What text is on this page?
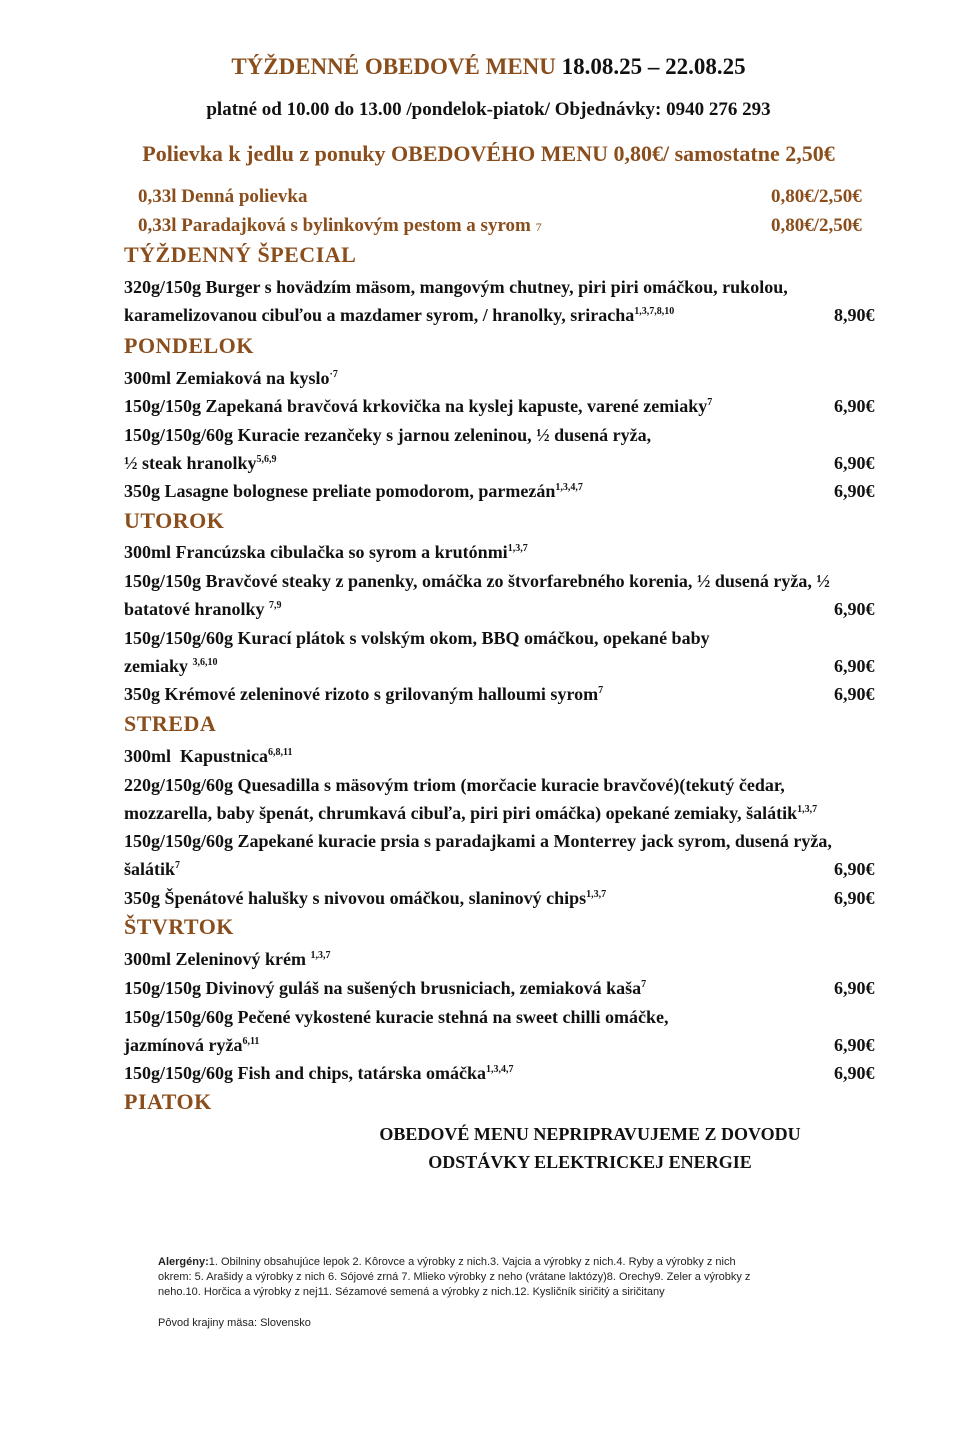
TÝŽDENNÉ OBEDOVÉ MENU 18.08.25 – 22.08.25
platné od 10.00 do 13.00 /pondelok-piatok/ Objednávky: 0940 276 293
Polievka k jedlu z ponuky OBEDOVÉHO MENU 0,80€/ samostatne 2,50€
0,33l Denná polievka	0,80€/2,50€
0,33l Paradajková s bylinkovým pestom a syrom 7	0,80€/2,50€
TÝŽDENNÝ ŠPECIAL
320g/150g Burger s hovädzím mäsom, mangovým chutney, piri piri omáčkou, rukolou,
karamelizovanou cibuľou a mazdamer syrom, / hranolky, sriracha$^{1,3,7,8,10}$	8,90€
PONDELOK
300ml Zemiaková na kyslo$^{\cdot 7}$
150g/150g Zapekaná bravčová krkovička na kyslej kapuste, varené zemiaky$^7$	6,90€
150g/150g/60g Kuracie rezančeky s jarnou zeleninou, ½ dusená ryža,
½ steak hranolky$^{5,6,9}$	6,90€
350g Lasagne bolognese preliate pomodorom, parmezán$^{1,3,4,7}$	6,90€
UTOROK
300ml Francúzska cibulačka so syrom a krutónmi$^{1,3,7}$
150g/150g Bravčové steaky z panenky, omáčka zo štvorfarebného korenia, ½ dusená ryža, ½
batatové hranolky $^{7,9}$	6,90€
150g/150g/60g Kurací plátok s volským okom, BBQ omáčkou, opekané baby
zemiaky $^{3,6,10}$	6,90€
350g Krémové zeleninové rizoto s grilovaným halloumi syrom$^7$	6,90€
STREDA
300ml  Kapustnica$^{6,8,11}$
220g/150g/60g Quesadilla s mäsovým triom (morčacie kuracie bravčové)(tekutý čedar,
mozzarella, baby špenát, chrumkavá cibuľa, piri piri omáčka) opekané zemiaky, šalátik$^{1,3,7}$
150g/150g/60g Zapekané kuracie prsia s paradajkami a Monterrey jack syrom, dusená ryža,
šalátik$^7$	6,90€
350g Špenátové halušky s nivovou omáčkou, slaninový chips$^{1,3,7}$	6,90€
ŠTVRTOK
300ml Zeleninový krém $^{1,3,7}$
150g/150g Divinový guláš na sušených brusniciach, zemiaková kaša$^7$	6,90€
150g/150g/60g Pečené vykostené kuracie stehná na sweet chilli omáčke,
jazmínová ryža$^{6,11}$	6,90€
150g/150g/60g Fish and chips, tatárska omáčka$^{1,3,4,7}$	6,90€
PIATOK
OBEDOVÉ MENU NEPRIPRAVUJEME Z DOVODU
ODSTÁVKY ELEKTRICKEJ ENERGIE
Alergény:1. Obilniny obsahujúce lepok 2. Kôrovce a výrobky z nich.3. Vajcia a výrobky z nich.4. Ryby a výrobky z nich
okrem: 5. Arašidy a výrobky z nich 6. Sójové zrná 7. Mlieko výrobky z neho (vrátane laktózy)8. Orechy9. Zeler a výrobky z
neho.10. Horčica a výrobky z nej11. Sézamové semená a výrobky z nich.12. Kysličník siričitý a siričitany
Pôvod krajiny mäsa: Slovensko
